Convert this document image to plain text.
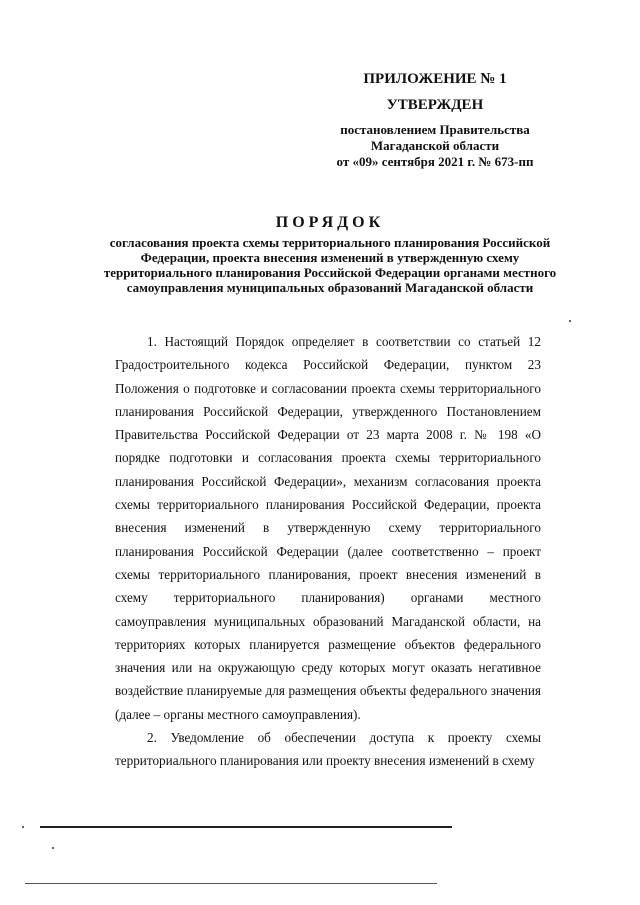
ПРИЛОЖЕНИЕ № 1
УТВЕРЖДЕН
постановлением Правительства
Магаданской области
от «09» сентября 2021 г. № 673-пп
ПОРЯДОК
согласования проекта схемы территориального планирования Российской Федерации, проекта внесения изменений в утвержденную схему территориального планирования Российской Федерации органами местного самоуправления муниципальных образований Магаданской области

1. Настоящий Порядок определяет в соответствии со статьей 12 Градостроительного кодекса Российской Федерации, пунктом 23 Положения о подготовке и согласовании проекта схемы территориального планирования Российской Федерации, утвержденного Постановлением Правительства Российской Федерации от 23 марта 2008 г. № 198 «О порядке подготовки и согласования проекта схемы территориального планирования Российской Федерации», механизм согласования проекта схемы территориального планирования Российской Федерации, проекта внесения изменений в утвержденную схему территориального планирования Российской Федерации (далее соответственно – проект схемы территориального планирования, проект внесения изменений в схему территориального планирования) органами местного самоуправления муниципальных образований Магаданской области, на территориях которых планируется размещение объектов федерального значения или на окружающую среду которых могут оказать негативное воздействие планируемые для размещения объекты федерального значения (далее – органы местного самоуправления).

2. Уведомление об обеспечении доступа к проекту схемы территориального планирования или проекту внесения изменений в схему
